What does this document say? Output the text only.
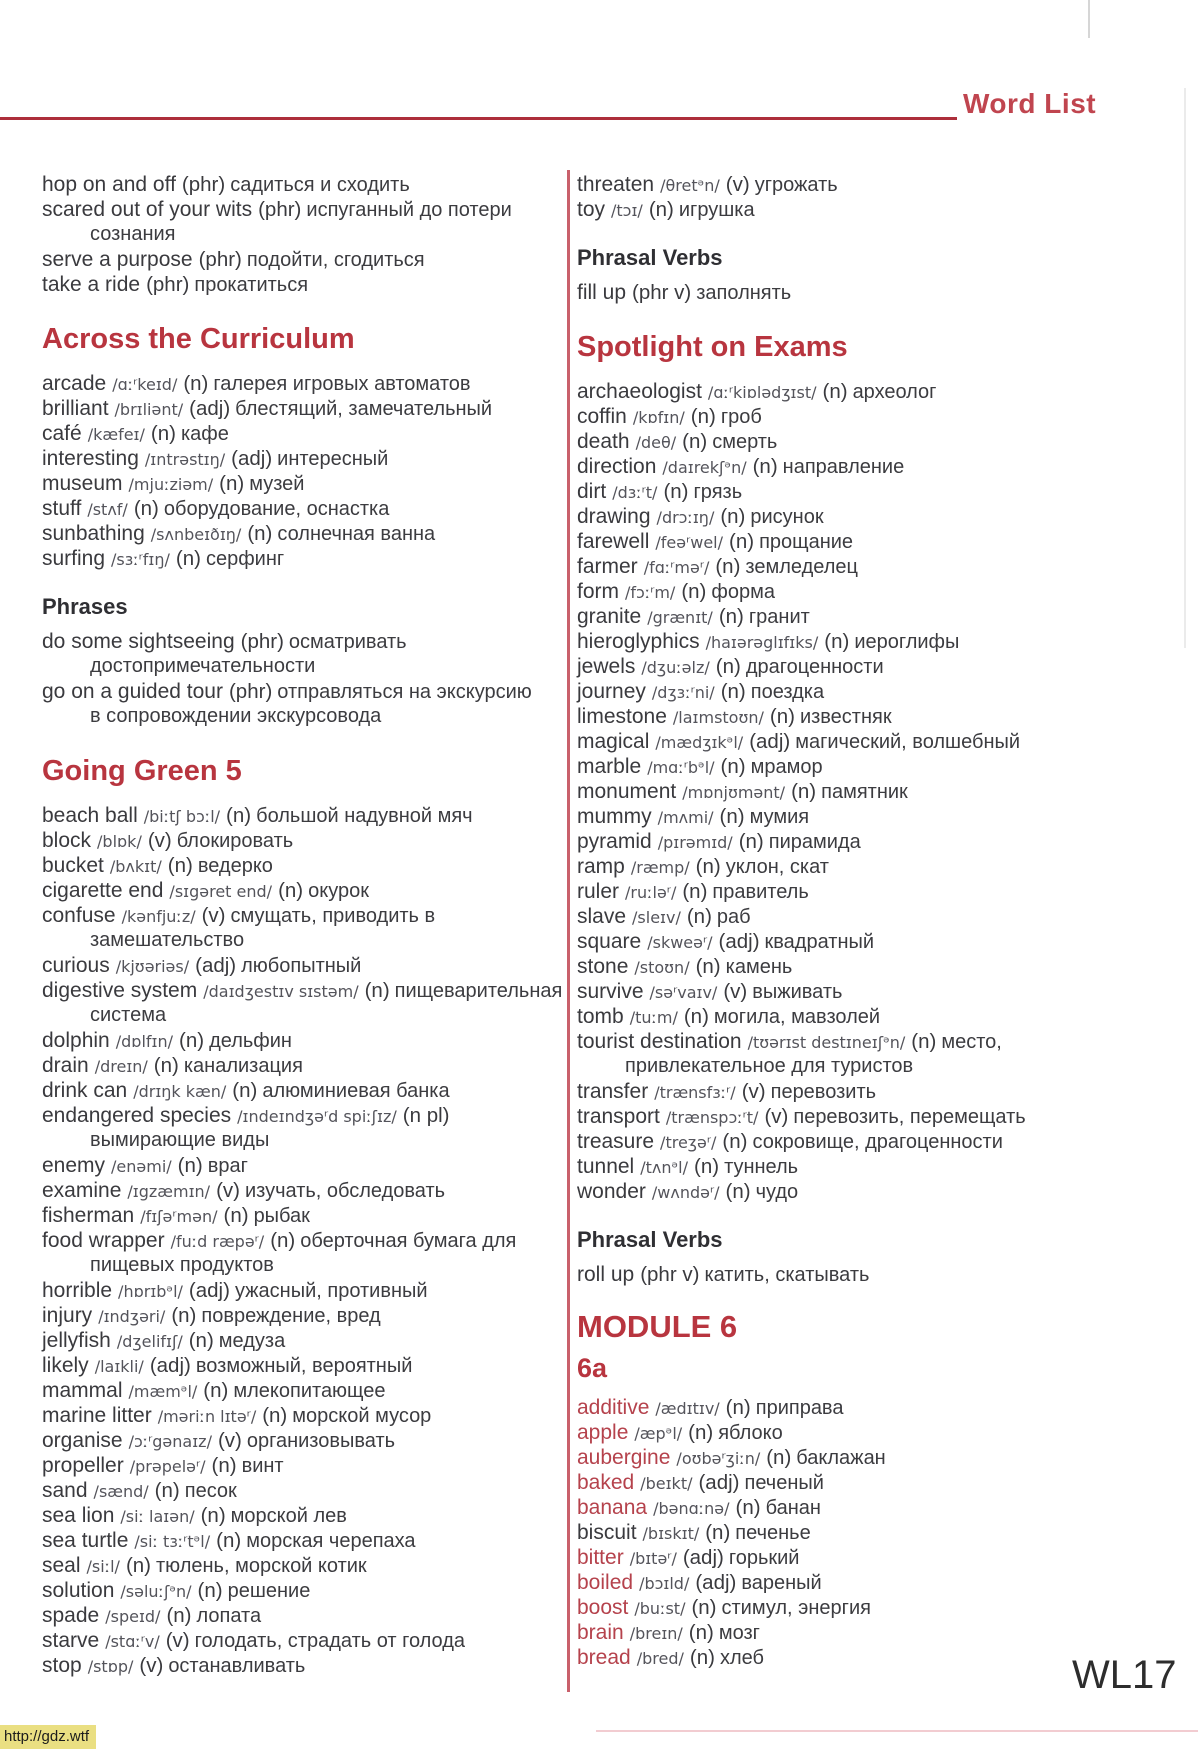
Word List
hop on and off (phr) садиться и сходить
scared out of your wits (phr) испуганный до потери
сознания
serve a purpose (phr) подойти, сгодиться
take a ride (phr) прокатиться
Across the Curriculum
arcade /ɑːʳkeɪd/ (n) галерея игровых автоматов
brilliant /brɪliənt/ (adj) блестящий, замечательный
café /kæfeɪ/ (n) кафе
interesting /ɪntrəstɪŋ/ (adj) интересный
museum /mjuːziəm/ (n) музей
stuff /stʌf/ (n) оборудование, оснастка
sunbathing /sʌnbeɪðɪŋ/ (n) солнечная ванна
surfing /sɜːʳfɪŋ/ (n) серфинг
Phrases
do some sightseeing (phr) осматривать
достопримечательности
go on a guided tour (phr) отправляться на экскурсию
в сопровождении экскурсовода
Going Green 5
beach ball /biːtʃ bɔːl/ (n) большой надувной мяч
block /blɒk/ (v) блокировать
bucket /bʌkɪt/ (n) ведерко
cigarette end /sɪgəret end/ (n) окурок
confuse /kənfjuːz/ (v) смущать, приводить в
замешательство
curious /kjʊəriəs/ (adj) любопытный
digestive system /daɪdʒestɪv sɪstəm/ (n) пищеварительная
система
dolphin /dɒlfɪn/ (n) дельфин
drain /dreɪn/ (n) канализация
drink can /drɪŋk kæn/ (n) алюминиевая банка
endangered species /ɪndeɪndʒəʳd spiːʃɪz/ (n pl)
вымирающие виды
enemy /enəmi/ (n) враг
examine /ɪgzæmɪn/ (v) изучать, обследовать
fisherman /fɪʃəʳmən/ (n) рыбак
food wrapper /fuːd ræpəʳ/ (n) оберточная бумага для
пищевых продуктов
horrible /hɒrɪbᵊl/ (adj) ужасный, противный
injury /ɪndʒəri/ (n) повреждение, вред
jellyfish /dʒelifɪʃ/ (n) медуза
likely /laɪkli/ (adj) возможный, вероятный
mammal /mæmᵊl/ (n) млекопитающее
marine litter /məriːn lɪtəʳ/ (n) морской мусор
organise /ɔːʳgənaɪz/ (v) организовывать
propeller /prəpeləʳ/ (n) винт
sand /sænd/ (n) песок
sea lion /siː laɪən/ (n) морской лев
sea turtle /siː tɜːʳtᵊl/ (n) морская черепаха
seal /siːl/ (n) тюлень, морской котик
solution /səluːʃᵊn/ (n) решение
spade /speɪd/ (n) лопата
starve /stɑːʳv/ (v) голодать, страдать от голода
stop /stɒp/ (v) останавливать
threaten /θretᵊn/ (v) угрожать
toy /tɔɪ/ (n) игрушка
Phrasal Verbs
fill up (phr v) заполнять
Spotlight on Exams
archaeologist /ɑːʳkiɒlədʒɪst/ (n) археолог
coffin /kɒfɪn/ (n) гроб
death /deθ/ (n) смерть
direction /daɪrekʃᵊn/ (n) направление
dirt /dɜːʳt/ (n) грязь
drawing /drɔːɪŋ/ (n) рисунок
farewell /feəʳwel/ (n) прощание
farmer /fɑːʳməʳ/ (n) земледелец
form /fɔːʳm/ (n) форма
granite /grænɪt/ (n) гранит
hieroglyphics /haɪərəglɪfɪks/ (n) иероглифы
jewels /dʒuːəlz/ (n) драгоценности
journey /dʒɜːʳni/ (n) поездка
limestone /laɪmstoʊn/ (n) известняк
magical /mædʒɪkᵊl/ (adj) магический, волшебный
marble /mɑːʳbᵊl/ (n) мрамор
monument /mɒnjʊmənt/ (n) памятник
mummy /mʌmi/ (n) мумия
pyramid /pɪrəmɪd/ (n) пирамида
ramp /ræmp/ (n) уклон, скат
ruler /ruːləʳ/ (n) правитель
slave /sleɪv/ (n) раб
square /skweəʳ/ (adj) квадратный
stone /stoʊn/ (n) камень
survive /səʳvaɪv/ (v) выживать
tomb /tuːm/ (n) могила, мавзолей
tourist destination /tʊərɪst destɪneɪʃᵊn/ (n) место,
привлекательное для туристов
transfer /trænsfɜːʳ/ (v) перевозить
transport /trænspɔːʳt/ (v) перевозить, перемещать
treasure /treʒəʳ/ (n) сокровище, драгоценности
tunnel /tʌnᵊl/ (n) туннель
wonder /wʌndəʳ/ (n) чудо
Phrasal Verbs
roll up (phr v) катить, скатывать
MODULE 6
6a
additive /ædɪtɪv/ (n) приправа
apple /æpᵊl/ (n) яблоко
aubergine /oʊbəʳʒiːn/ (n) баклажан
baked /beɪkt/ (adj) печеный
banana /bənɑːnə/ (n) банан
biscuit /bɪskɪt/ (n) печенье
bitter /bɪtəʳ/ (adj) горький
boiled /bɔɪld/ (adj) вареный
boost /buːst/ (n) стимул, энергия
brain /breɪn/ (n) мозг
bread /bred/ (n) хлеб	WL17
http://gdz.wtf
